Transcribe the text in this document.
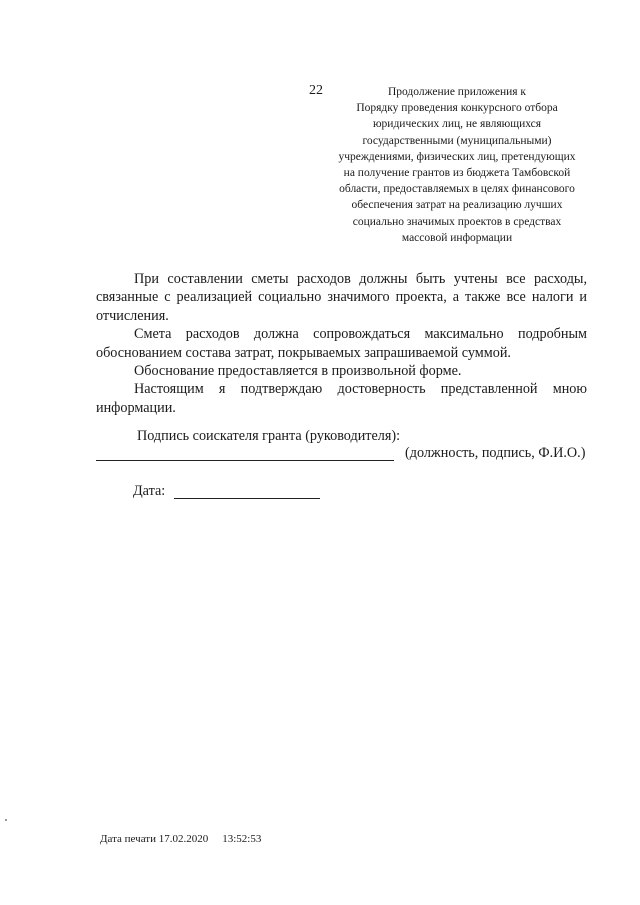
22	Продолжение приложения к
Порядку проведения конкурсного отбора
юридических лиц, не являющихся
государственными (муниципальными)
учреждениями, физических лиц, претендующих
на получение грантов из бюджета Тамбовской
области, предоставляемых в целях финансового
обеспечения затрат на реализацию лучших
социально значимых проектов в средствах
массовой информации
При составлении сметы расходов должны быть учтены все расходы,
связанные с реализацией социально значимого проекта, а также все налоги и
отчисления.
Смета расходов должна сопровождаться максимально подробным
обоснованием состава затрат, покрываемых запрашиваемой суммой.
Обоснование предоставляется в произвольной форме.
Настоящим я подтверждаю достоверность представленной мною
информации.
Подпись соискателя гранта (руководителя):
(должность, подпись, Ф.И.О.)
Дата:
Дата печати 17.02.2020 13:52:53
